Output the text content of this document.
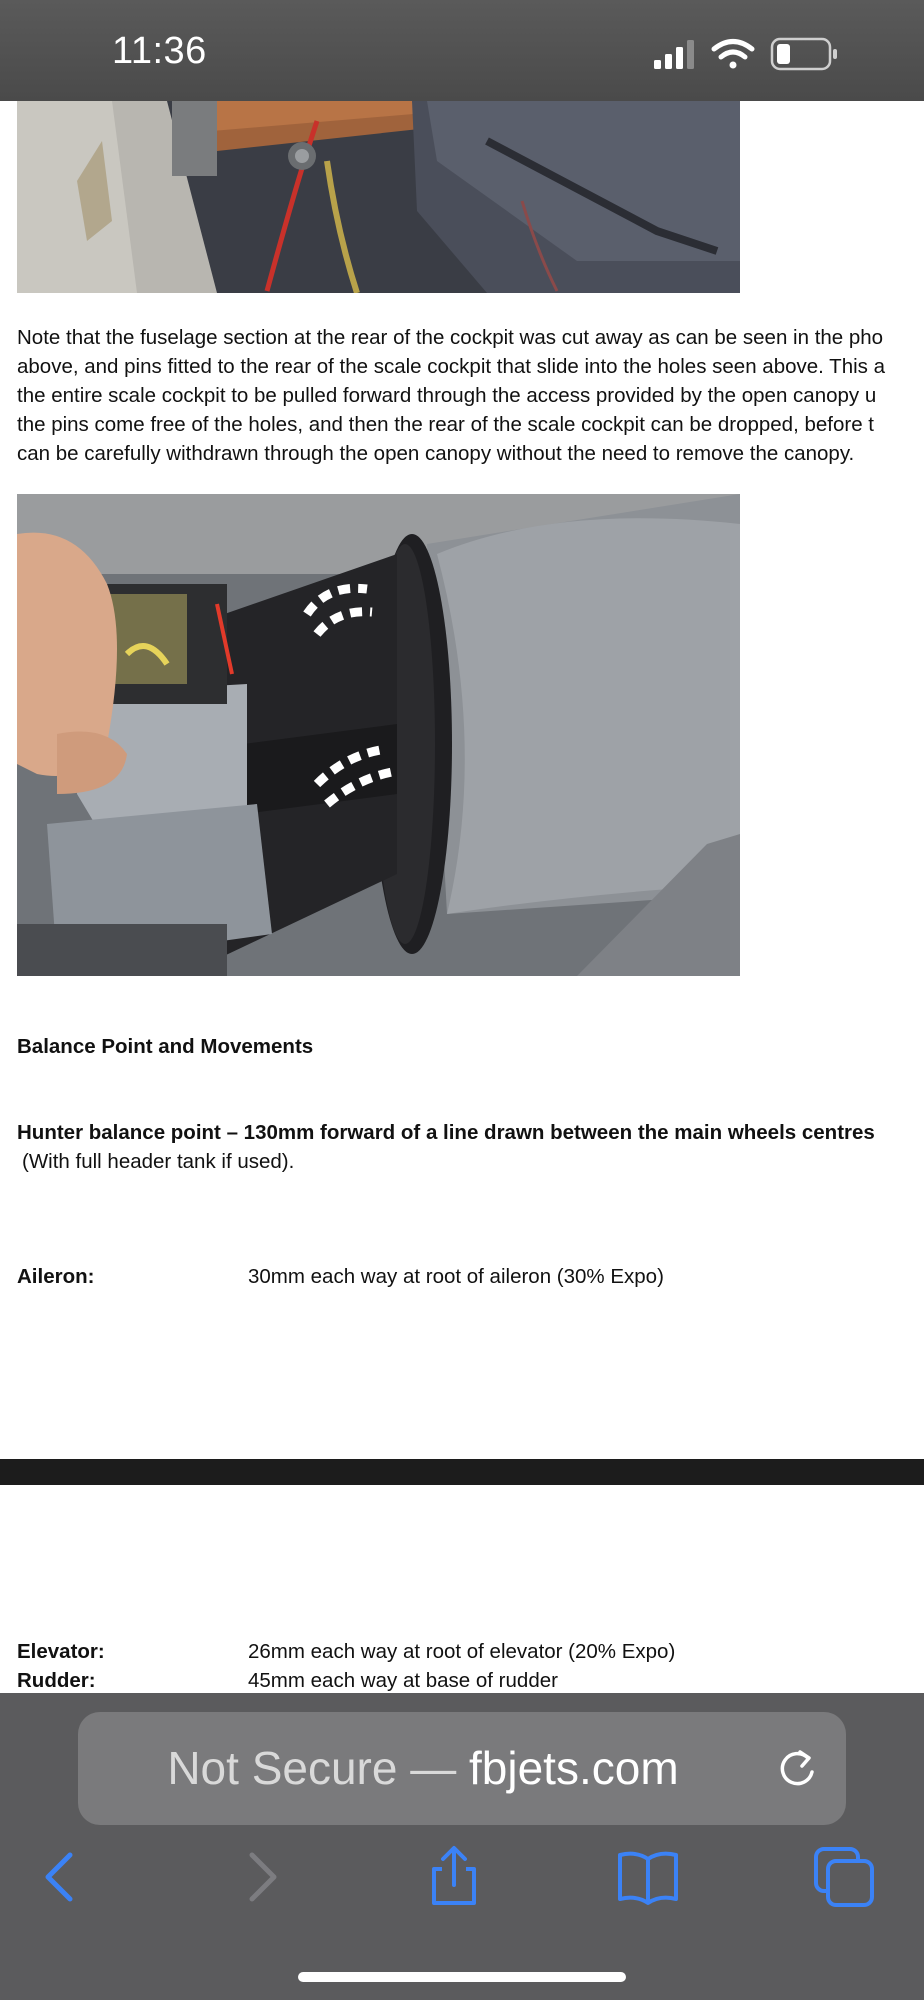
11:36
Note that the fuselage section at the rear of the cockpit was cut away as can be seen in the pho
above, and pins fitted to the rear of the scale cockpit that slide into the holes seen above. This a
the entire scale cockpit to be pulled forward through the access provided by the open canopy u
the pins come free of the holes, and then the rear of the scale cockpit can be dropped, before t
can be carefully withdrawn through the open canopy without the need to remove the canopy.
Balance Point and Movements
Hunter balance point – 130mm forward of a line drawn between the main wheels centres
(With full header tank if used).
Aileron:	30mm each way at root of aileron (30% Expo)
Elevator:	26mm each way at root of elevator (20% Expo)
Rudder:	45mm each way at base of rudder
Not Secure — fbjets.com
